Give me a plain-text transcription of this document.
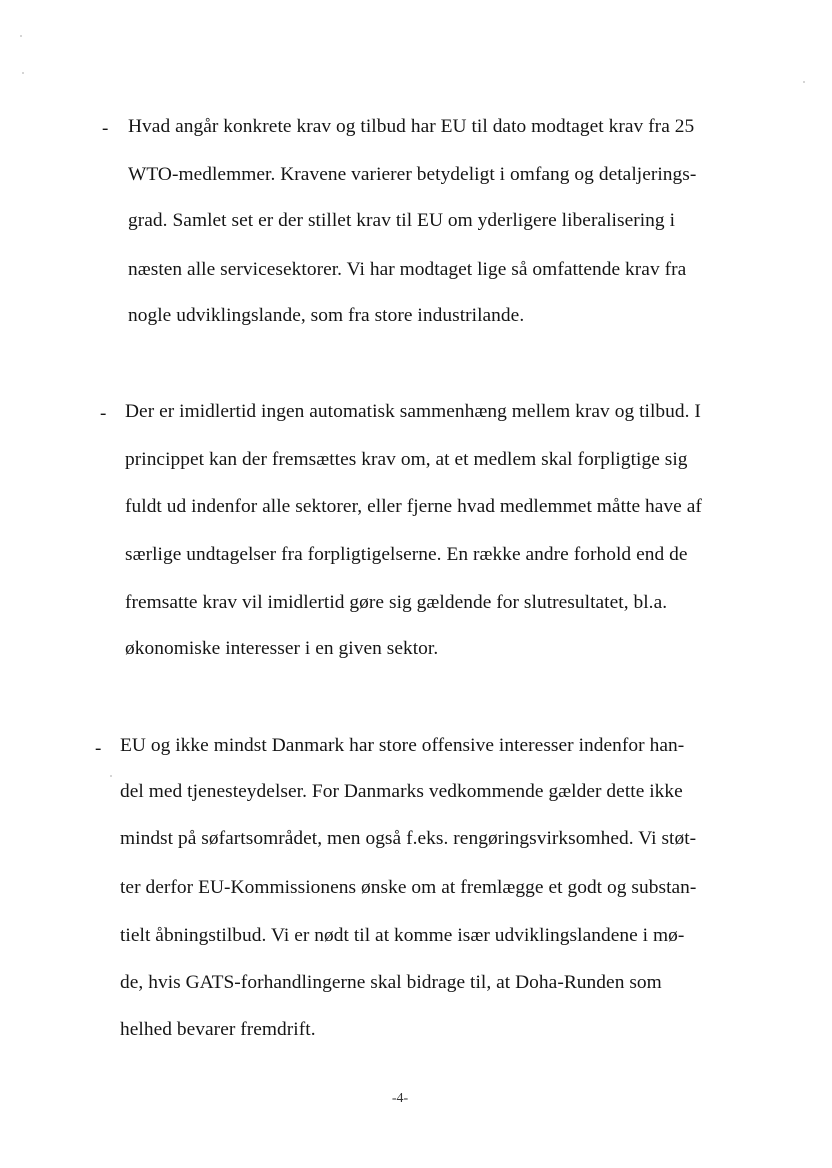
- Hvad angår konkrete krav og tilbud har EU til dato modtaget krav fra 25
WTO-medlemmer. Kravene varierer betydeligt i omfang og detaljerings-
grad. Samlet set er der stillet krav til EU om yderligere liberalisering i
næsten alle servicesektorer. Vi har modtaget lige så omfattende krav fra
nogle udviklingslande, som fra store industrilande.
- Der er imidlertid ingen automatisk sammenhæng mellem krav og tilbud. I
princippet kan der fremsættes krav om, at et medlem skal forpligtige sig
fuldt ud indenfor alle sektorer, eller fjerne hvad medlemmet måtte have af
særlige undtagelser fra forpligtigelserne. En række andre forhold end de
fremsatte krav vil imidlertid gøre sig gældende for slutresultatet, bl.a.
økonomiske interesser i en given sektor.
- EU og ikke mindst Danmark har store offensive interesser indenfor han-
del med tjenesteydelser. For Danmarks vedkommende gælder dette ikke
mindst på søfartsområdet, men også f.eks. rengøringsvirksomhed. Vi støt-
ter derfor EU-Kommissionens ønske om at fremlægge et godt og substan-
tielt åbningstilbud. Vi er nødt til at komme især udviklingslandene i mø-
de, hvis GATS-forhandlingerne skal bidrage til, at Doha-Runden som
helhed bevarer fremdrift.
-4-
